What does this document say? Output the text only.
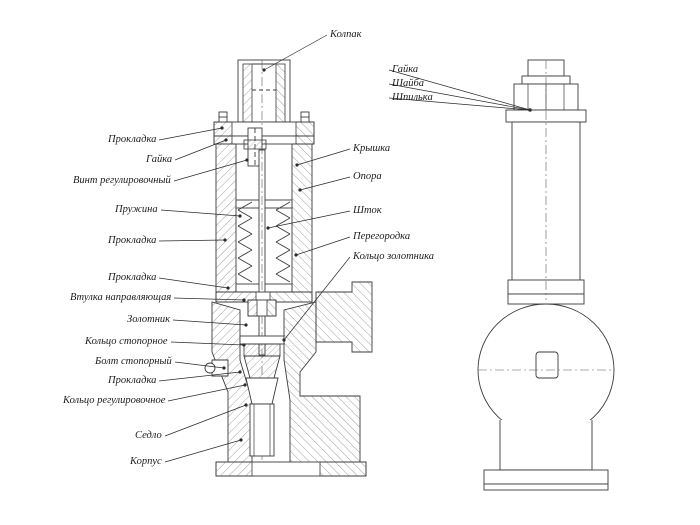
Прокладка
Гайка
Винт регулировочный
Пружина
Прокладка
Прокладка
Втулка направляющая
Золотник
Кольцо стопорное
Болт стопорный
Прокладка
Кольцо регулировочное
Седло
Корпус
Крышка
Опора
Шток
Перегородка
Кольцо золотника
Колпак
Гайка
Шайба
Шпилька
